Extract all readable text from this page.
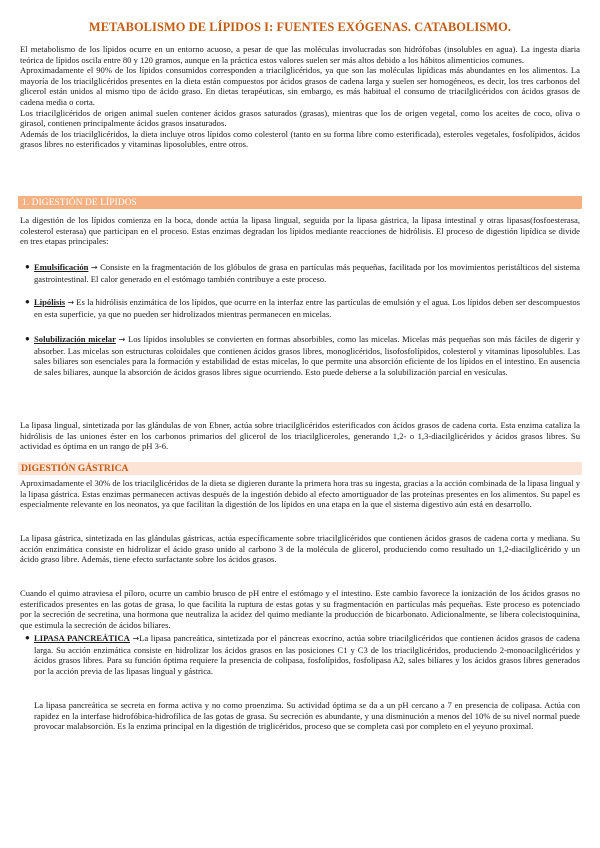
METABOLISMO DE LÍPIDOS I: FUENTES EXÓGENAS. CATABOLISMO.

El metabolismo de los lípidos ocurre en un entorno acuoso, a pesar de que las moléculas involucradas son hidrófobas (insolubles en agua). La ingesta diaria teórica de lípidos oscila entre 80 y 120 gramos, aunque en la práctica estos valores suelen ser más altos debido a los hábitos alimenticios comunes.

Aproximadamente el 90% de los lípidos consumidos corresponden a triacilglicéridos, ya que son las moléculas lipídicas más abundantes en los alimentos. La mayoría de los triacilglicéridos presentes en la dieta están compuestos por ácidos grasos de cadena larga y suelen ser homogéneos, es decir, los tres carbonos del glicerol están unidos al mismo tipo de ácido graso. En dietas terapéuticas, sin embargo, es más habitual el consumo de triacilglicéridos con ácidos grasos de cadena media o corta.

Los triacilglicéridos de origen animal suelen contener ácidos grasos saturados (grasas), mientras que los de origen vegetal, como los aceites de coco, oliva o girasol, contienen principalmente ácidos grasos insaturados.

Además de los triacilglicéridos, la dieta incluye otros lípidos como colesterol (tanto en su forma libre como esterificada), esteroles vegetales, fosfolípidos, ácidos grasos libres no esterificados y vitaminas liposolubles, entre otros.

1. DIGESTIÓN DE LÍPIDOS

La digestión de los lípidos comienza en la boca, donde actúa la lipasa lingual, seguida por la lipasa gástrica, la lipasa intestinal y otras lipasas(fosfoesterasa, colesterol esterasa) que participan en el proceso. Estas enzimas degradan los lípidos mediante reacciones de hidrólisis. El proceso de digestión lipídica se divide en tres etapas principales:

● Emulsificación → Consiste en la fragmentación de los glóbulos de grasa en partículas más pequeñas, facilitada por los movimientos peristálticos del sistema gastrointestinal. El calor generado en el estómago también contribuye a este proceso.

● Lipólisis → Es la hidrólisis enzimática de los lípidos, que ocurre en la interfaz entre las partículas de emulsión y el agua. Los lípidos deben ser descompuestos en esta superficie, ya que no pueden ser hidrolizados mientras permanecen en micelas.

● Solubilización micelar → Los lípidos insolubles se convierten en formas absorbibles, como las micelas. Micelas más pequeñas son más fáciles de digerir y absorber. Las micelas son estructuras coloidales que contienen ácidos grasos libres, monoglicéridos, lisofosfolípidos, colesterol y vitaminas liposolubles. Las sales biliares son esenciales para la formación y estabilidad de estas micelas, lo que permite una absorción eficiente de los lípidos en el intestino. En ausencia de sales biliares, aunque la absorción de ácidos grasos libres sigue ocurriendo. Esto puede deberse a la solubilización parcial en vesículas.

La lipasa lingual, sintetizada por las glándulas de von Ebner, actúa sobre triacilglicéridos esterificados con ácidos grasos de cadena corta. Esta enzima cataliza la hidrólisis de las uniones éster en los carbonos primarios del glicerol de los triacilgliceroles, generando 1,2- o 1,3-diacilglicéridos y ácidos grasos libres. Su actividad es óptima en un rango de pH 3-6.

DIGESTIÓN GÁSTRICA

Aproximadamente el 30% de los triacilglicéridos de la dieta se digieren durante la primera hora tras su ingesta, gracias a la acción combinada de la lipasa lingual y la lipasa gástrica. Estas enzimas permanecen activas después de la ingestión debido al efecto amortiguador de las proteínas presentes en los alimentos. Su papel es especialmente relevante en los neonatos, ya que facilitan la digestión de los lípidos en una etapa en la que el sistema digestivo aún está en desarrollo.

La lipasa gástrica, sintetizada en las glándulas gástricas, actúa específicamente sobre triacilglicéridos que contienen ácidos grasos de cadena corta y mediana. Su acción enzimática consiste en hidrolizar el ácido graso unido al carbono 3 de la molécula de glicerol, produciendo como resultado un 1,2-diacilglicérido y un ácido graso libre. Además, tiene efecto surfactante sobre los ácidos grasos.

Cuando el quimo atraviesa el píloro, ocurre un cambio brusco de pH entre el estómago y el intestino. Este cambio favorece la ionización de los ácidos grasos no esterificados presentes en las gotas de grasa, lo que facilita la ruptura de estas gotas y su fragmentación en partículas más pequeñas. Este proceso es potenciado por la secreción de secretina, una hormona que neutraliza la acidez del quimo mediante la producción de bicarbonato. Adicionalmente, se libera colecistoquinina, que estimula la secreción de ácidos biliares.

● LIPASA PANCREÁTICA →La lipasa pancreática, sintetizada por el páncreas exocrino, actúa sobre triacilglicéridos que contienen ácidos grasos de cadena larga. Su acción enzimática consiste en hidrolizar los ácidos grasos en las posiciones C1 y C3 de los triacilglicéridos, produciendo 2-monoacilglicéridos y ácidos grasos libres. Para su función óptima requiere la presencia de colipasa, fosfolípidos, fosfolipasa A2, sales biliares y los ácidos grasos libres generados por la acción previa de las lipasas lingual y gástrica.

La lipasa pancreática se secreta en forma activa y no como proenzima. Su actividad óptima se da a un pH cercano a 7 en presencia de colipasa. Actúa con rapidez en la interfase hidrofóbica-hidrofílica de las gotas de grasa. Su secreción es abundante, y una disminución a menos del 10% de su nivel normal puede provocar malabsorción. Es la enzima principal en la digestión de triglicéridos, proceso que se completa casi por completo en el yeyuno proximal.
